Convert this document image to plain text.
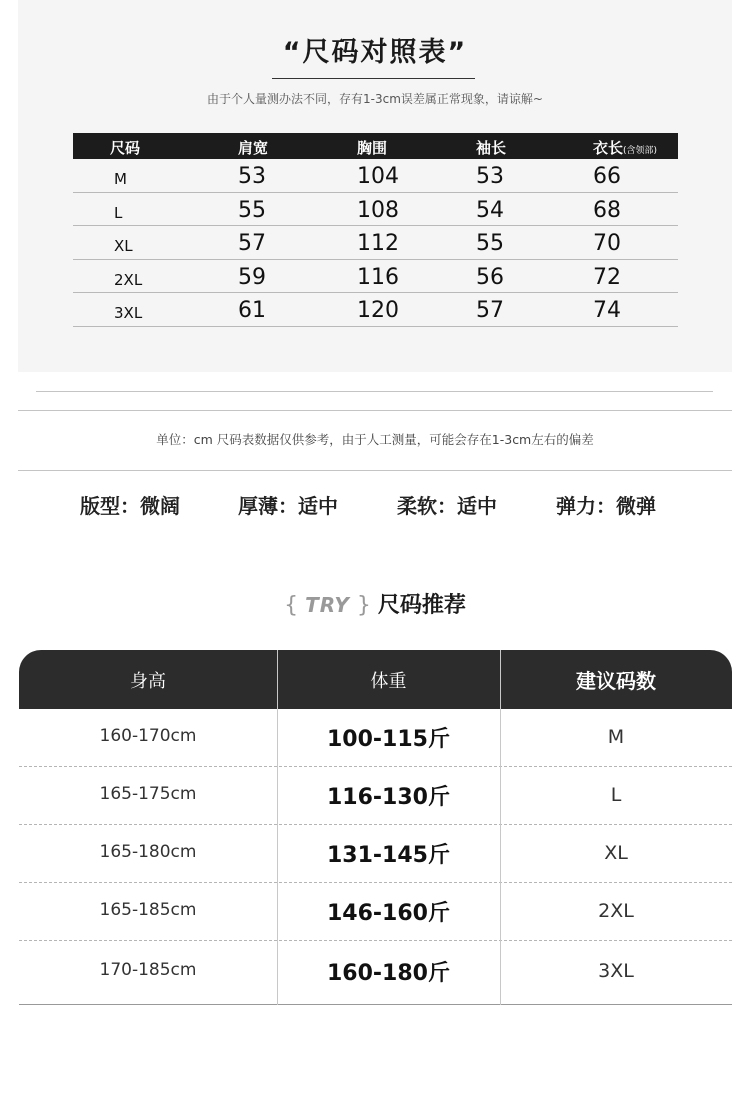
“尺码对照表”
由于个人量测办法不同，存有1-3cm误差属正常现象，请谅解~
尺码	肩宽	胸围	袖长	衣长(含领部)
M	53	104	53	66
L	55	108	54	68
XL	57	112	55	70
2XL	59	116	56	72
3XL	61	120	57	74
单位：cm 尺码表数据仅供参考，由于人工测量，可能会存在1-3cm左右的偏差
版型：微阔	厚薄：适中	柔软：适中	弹力：微弹
{ TRY } 尺码推荐
身高	体重	建议码数
160-170cm	100-115斤	M
165-175cm	116-130斤	L
165-180cm	131-145斤	XL
165-185cm	146-160斤	2XL
170-185cm	160-180斤	3XL
